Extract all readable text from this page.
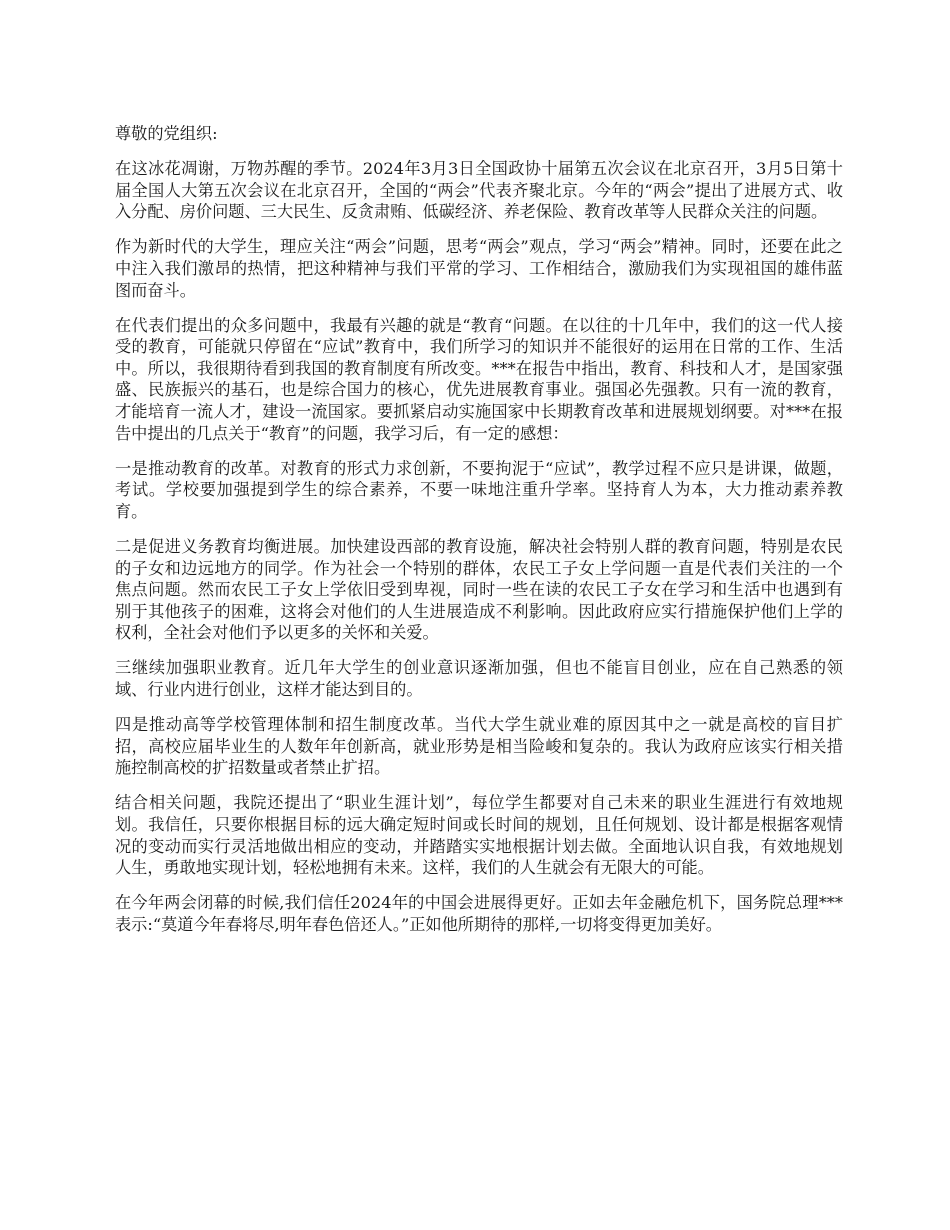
尊敬的党组织:

在这冰花凋谢，万物苏醒的季节。2024年3月3日全国政协十届第五次会议在北京召开，3月5日第十届全国人大第五次会议在北京召开，全国的“两会”代表齐聚北京。今年的“两会”提出了进展方式、收入分配、房价问题、三大民生、反贪肃贿、低碳经济、养老保险、教育改革等人民群众关注的问题。

作为新时代的大学生，理应关注“两会”问题，思考“两会”观点，学习“两会”精神。同时，还要在此之中注入我们激昂的热情，把这种精神与我们平常的学习、工作相结合，激励我们为实现祖国的雄伟蓝图而奋斗。

在代表们提出的众多问题中，我最有兴趣的就是“教育“问题。在以往的十几年中，我们的这一代人接受的教育，可能就只停留在“应试”教育中，我们所学习的知识并不能很好的运用在日常的工作、生活中。所以，我很期待看到我国的教育制度有所改变。***在报告中指出，教育、科技和人才，是国家强盛、民族振兴的基石，也是综合国力的核心，优先进展教育事业。强国必先强教。只有一流的教育，才能培育一流人才，建设一流国家。要抓紧启动实施国家中长期教育改革和进展规划纲要。对***在报告中提出的几点关于“教育”的问题，我学习后，有一定的感想：

一是推动教育的改革。对教育的形式力求创新，不要拘泥于“应试”，教学过程不应只是讲课，做题，考试。学校要加强提到学生的综合素养，不要一味地注重升学率。坚持育人为本，大力推动素养教育。

二是促进义务教育均衡进展。加快建设西部的教育设施，解决社会特别人群的教育问题，特别是农民的子女和边远地方的同学。作为社会一个特别的群体，农民工子女上学问题一直是代表们关注的一个焦点问题。然而农民工子女上学依旧受到卑视，同时一些在读的农民工子女在学习和生活中也遇到有别于其他孩子的困难，这将会对他们的人生进展造成不利影响。因此政府应实行措施保护他们上学的权利，全社会对他们予以更多的关怀和关爱。

三继续加强职业教育。近几年大学生的创业意识逐渐加强，但也不能盲目创业，应在自己熟悉的领域、行业内进行创业，这样才能达到目的。

四是推动高等学校管理体制和招生制度改革。当代大学生就业难的原因其中之一就是高校的盲目扩招，高校应届毕业生的人数年年创新高，就业形势是相当险峻和复杂的。我认为政府应该实行相关措施控制高校的扩招数量或者禁止扩招。

结合相关问题，我院还提出了“职业生涯计划”，每位学生都要对自己未来的职业生涯进行有效地规划。我信任，只要你根据目标的远大确定短时间或长时间的规划，且任何规划、设计都是根据客观情况的变动而实行灵活地做出相应的变动，并踏踏实实地根据计划去做。全面地认识自我，有效地规划人生，勇敢地实现计划，轻松地拥有未来。这样，我们的人生就会有无限大的可能。

在今年两会闭幕的时候,我们信任2024年的中国会进展得更好。正如去年金融危机下，国务院总理***表示:“莫道今年春将尽,明年春色倍还人。”正如他所期待的那样,一切将变得更加美好。
